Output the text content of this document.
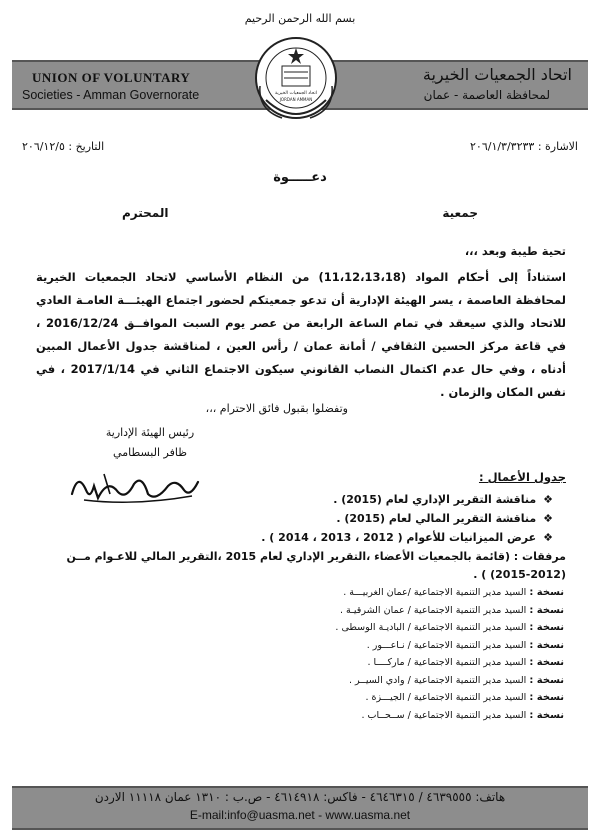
بسم الله الرحمن الرحيم
UNION OF VOLUNTARY
Societies - Amman Governorate
اتحاد الجمعيات الخيرية
لمحافظة العاصمة - عمان
اتحاد الجمعيات الخيرية
JORDAN AMMAN
الاشارة : ٢٠٦/١/٣/٣٢٣٣
التاريخ : ٢٠٦/١٢/٥
دعـــــوة
جمعية
المحترم
تحية طيبة وبعد ،،،
استناداً إلى أحكام المواد (11،12،13،18) من النظام الأساسي لاتحاد الجمعيات الخيرية لمحافظة العاصمة ، يسر الهيئة الإدارية أن تدعو جمعيتكم لحضور اجتماع الهيئـــة العامـة العادي للاتحاد والذي سيعقد في تمام الساعة الرابعة من عصر يوم السبت الموافــق 2016/12/24 ، في قاعة مركز الحسين الثقافي / أمانة عمان / رأس العين ، لمناقشة جدول الأعمال المبين أدناه ، وفي حال عدم اكتمال النصاب القانوني سيكون الاجتماع الثاني في 2017/1/14 ، في نفس المكان والزمان .
وتفضلوا بقبول فائق الاحترام ،،،
رئيس الهيئة الإدارية
ظافر البسطامي
جدول الأعمال :
❖ مناقشة التقرير الإداري لعام (2015) .
❖ مناقشة التقرير المالي لعام (2015) .
❖ عرض الميزانيات للأعوام ( 2012 ، 2013 ، 2014 ) .
مرفقات : (قائمة بالجمعيات الأعضاء ،التقرير الإداري لعام 2015 ،التقرير المالي للاعـوام مــن (2012-2015) ) .
نسخة : السيد مدير التنمية الاجتماعية /عمان الغربيـــة .
نسخة : السيد مدير التنمية الاجتماعية / عمان الشرقيـة .
نسخة : السيد مدير التنمية الاجتماعية / الباديـة الوسطى .
نسخة : السيد مدير التنمية الاجتماعية / نـاعـــور .
نسخة : السيد مدير التنمية الاجتماعية / ماركــــا .
نسخة : السيد مدير التنمية الاجتماعية / وادي السيــر .
نسخة : السيد مدير التنمية الاجتماعية / الجيـــزة .
نسخة : السيد مدير التنمية الاجتماعية / ســحــاب .
هاتف: ٤٦٣٩٥٥٥ / ٤٦٤٦٣١٥ - فاكس: ٤٦١٤٩١٨ - ص.ب : ١٣١٠ عمان ١١١١٨ الاردن
E-mail:info@uasma.net - www.uasma.net
